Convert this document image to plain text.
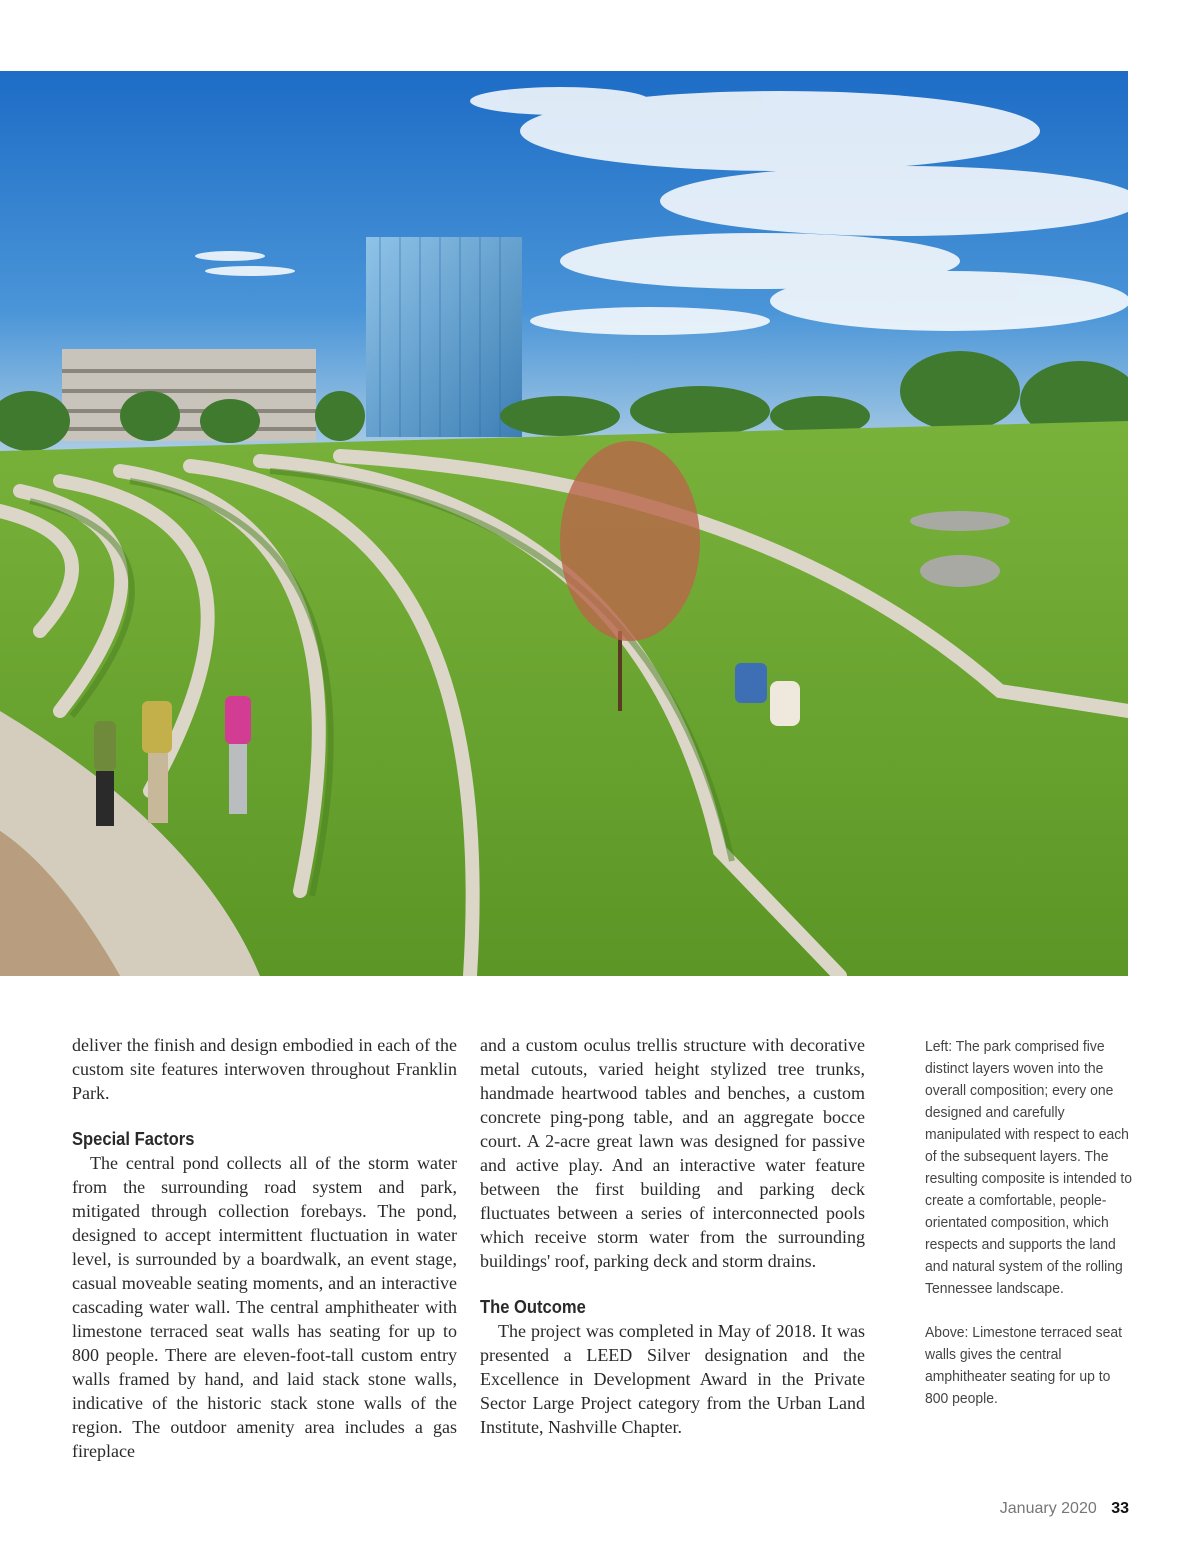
deliver the finish and design embodied in each of the custom site features interwoven throughout Franklin Park.

Special Factors

The central pond collects all of the storm water from the surrounding road system and park, mitigated through collection forebays. The pond, designed to accept intermittent fluctuation in water level, is surrounded by a boardwalk, an event stage, casual moveable seating moments, and an interactive cascading water wall. The central amphitheater with limestone terraced seat walls has seating for up to 800 people. There are eleven-foot-tall custom entry walls framed by hand, and laid stack stone walls, indicative of the historic stack stone walls of the region. The outdoor amenity area includes a gas fireplace

and a custom oculus trellis structure with decorative metal cutouts, varied height stylized tree trunks, handmade heartwood tables and benches, a custom concrete ping-pong table, and an aggregate bocce court. A 2-acre great lawn was designed for passive and active play. And an interactive water feature between the first building and parking deck fluctuates between a series of interconnected pools which receive storm water from the surrounding buildings' roof, parking deck and storm drains.

The Outcome

The project was completed in May of 2018. It was presented a LEED Silver designation and the Excellence in Development Award in the Private Sector Large Project category from the Urban Land Institute, Nashville Chapter.

Left: The park comprised five distinct layers woven into the overall composition; every one designed and carefully manipulated with respect to each of the subsequent layers. The resulting composite is intended to create a comfortable, people-orientated composition, which respects and supports the land and natural system of the rolling Tennessee landscape.

Above: Limestone terraced seat walls gives the central amphitheater seating for up to 800 people.

January 2020 33
